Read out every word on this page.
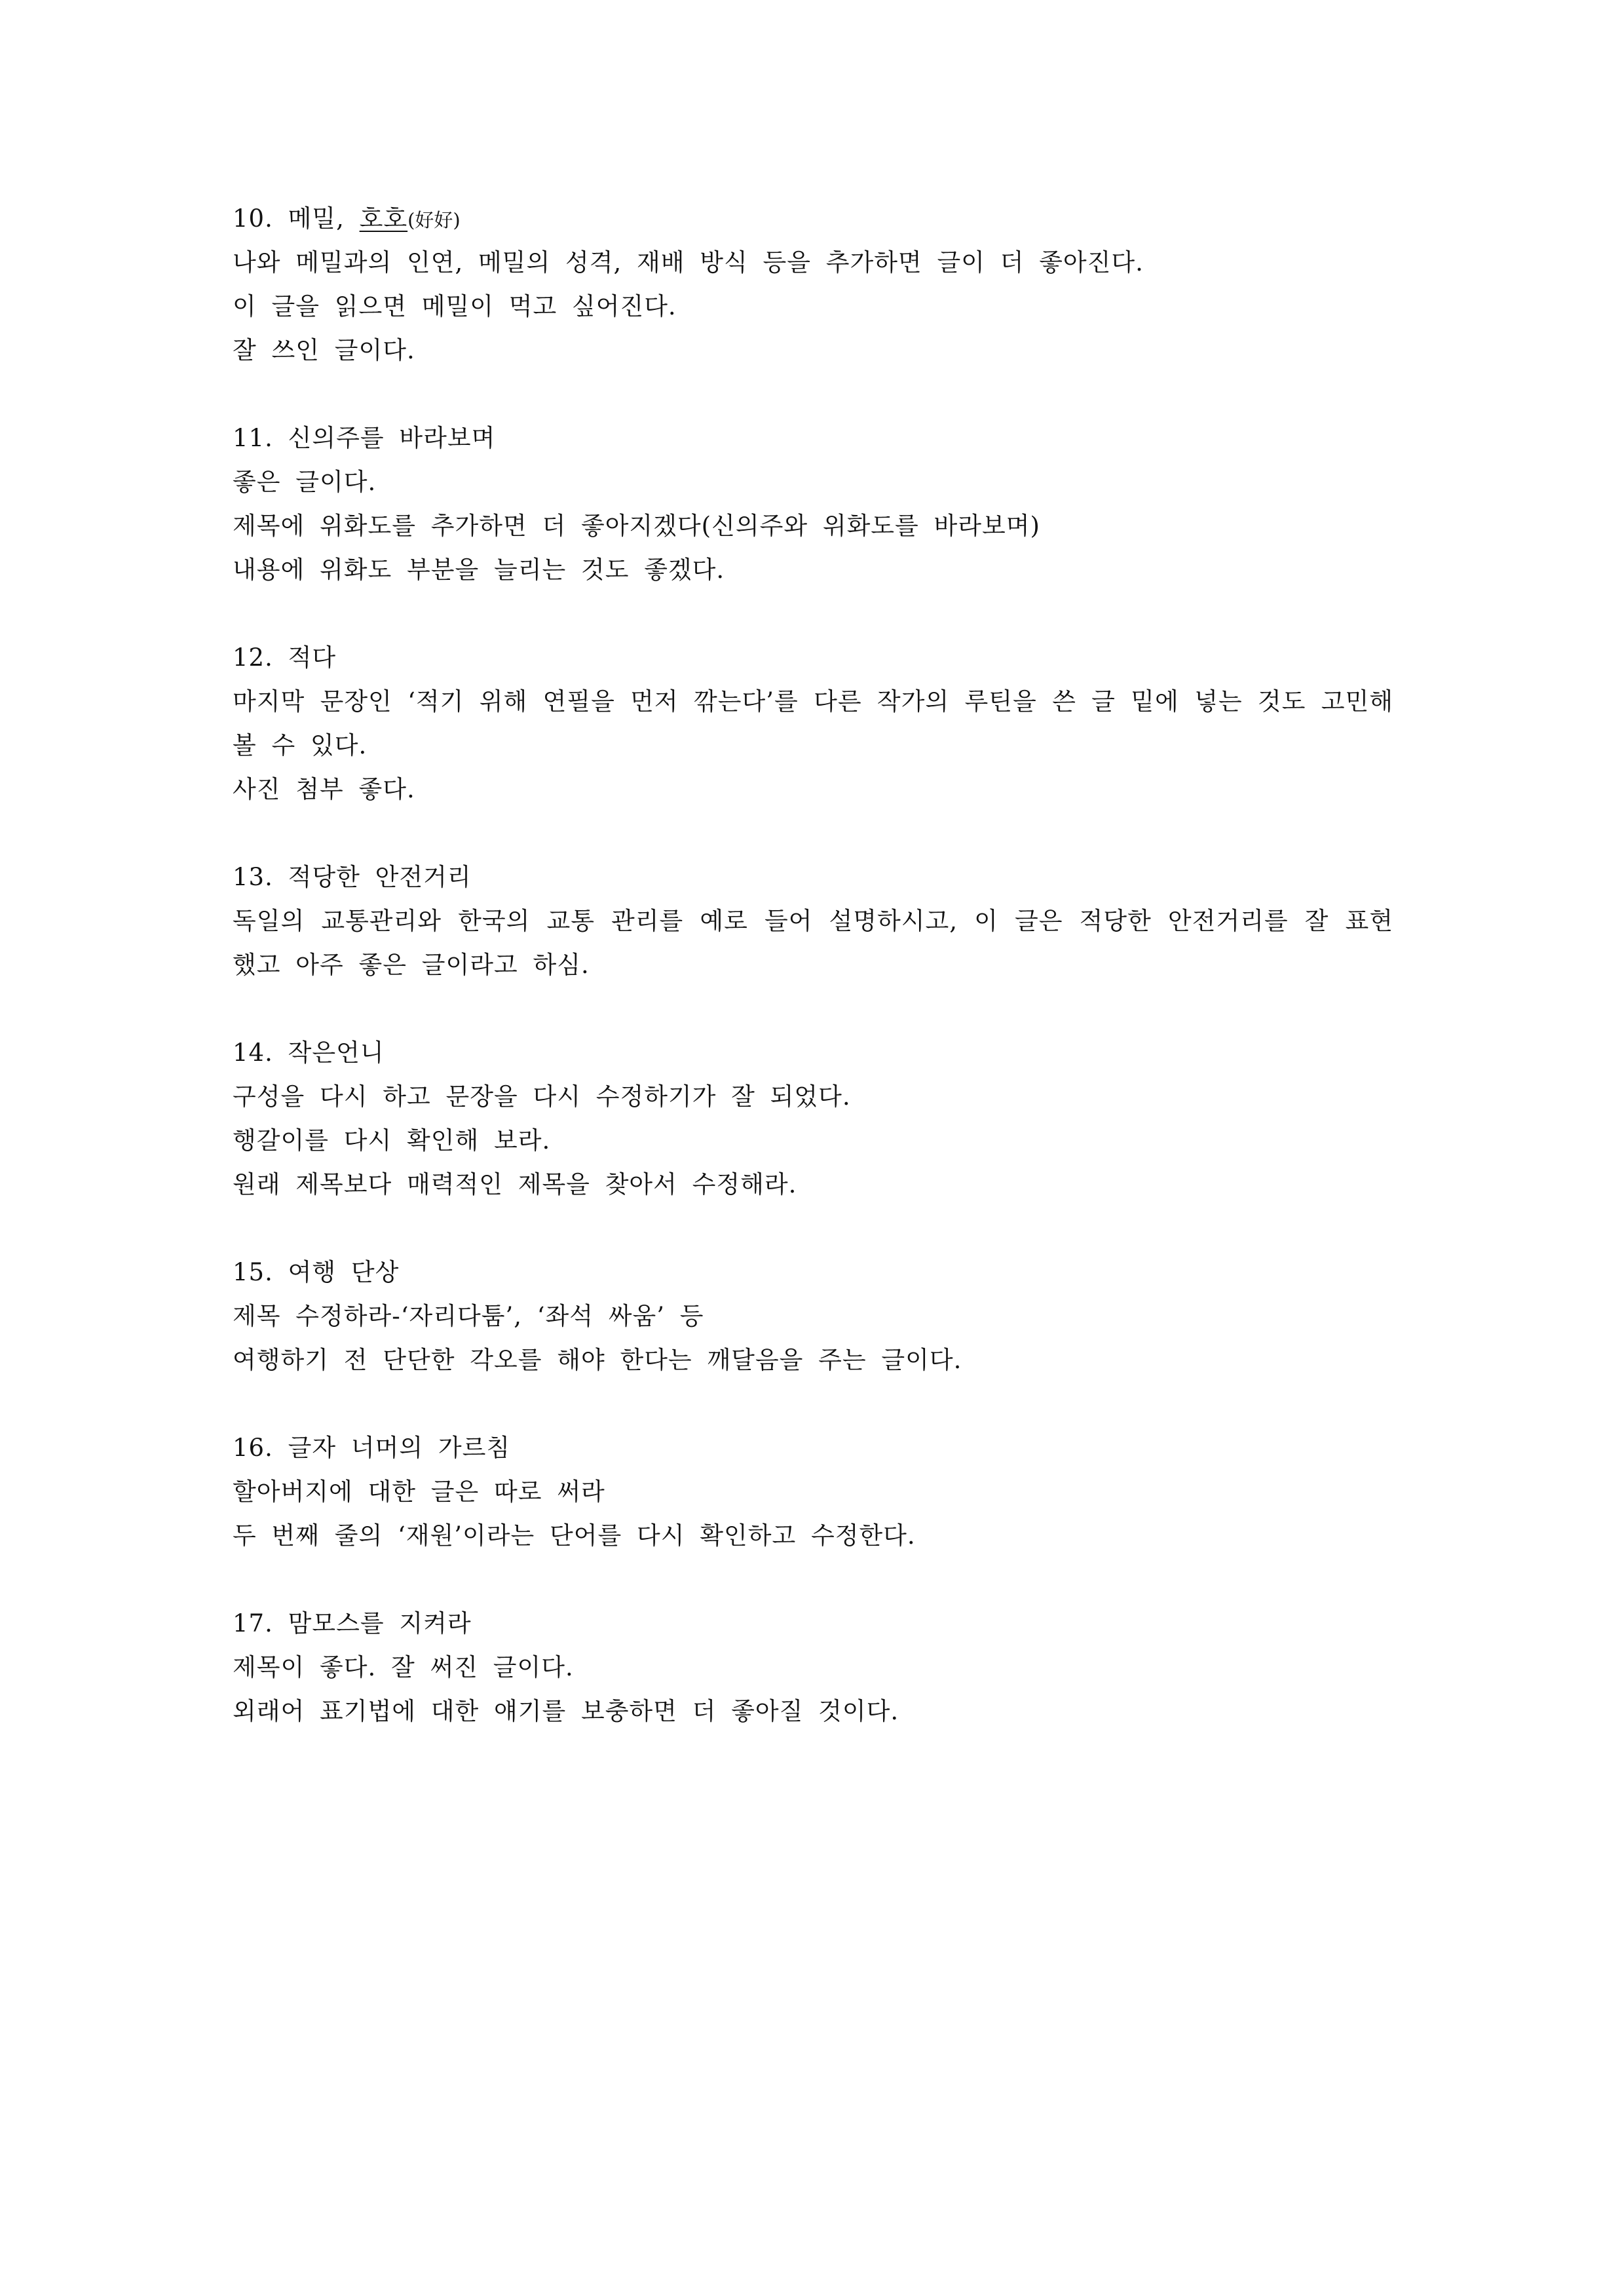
10. 메밀, 호호(好好)
나와 메밀과의 인연, 메밀의 성격, 재배 방식 등을 추가하면 글이 더 좋아진다.
이 글을 읽으면 메밀이 먹고 싶어진다.
잘 쓰인 글이다.
11. 신의주를 바라보며
좋은 글이다.
제목에 위화도를 추가하면 더 좋아지겠다(신의주와 위화도를 바라보며)
내용에 위화도 부분을 늘리는 것도 좋겠다.
12. 적다
마지막 문장인 ‘적기 위해 연필을 먼저 깎는다’를 다른 작가의 루틴을 쓴 글 밑에 넣는 것도 고민해 볼 수 있다.
사진 첨부 좋다.
13. 적당한 안전거리
독일의 교통관리와 한국의 교통 관리를 예로 들어 설명하시고, 이 글은 적당한 안전거리를 잘 표현했고 아주 좋은 글이라고 하심.
14. 작은언니
구성을 다시 하고 문장을 다시 수정하기가 잘 되었다.
행갈이를 다시 확인해 보라.
원래 제목보다 매력적인 제목을 찾아서 수정해라.
15. 여행 단상
제목 수정하라-‘자리다툼’, ‘좌석 싸움’ 등
여행하기 전 단단한 각오를 해야 한다는 깨달음을 주는 글이다.
16. 글자 너머의 가르침
할아버지에 대한 글은 따로 써라
두 번째 줄의 ‘재원’이라는 단어를 다시 확인하고 수정한다.
17. 맘모스를 지켜라
제목이 좋다. 잘 써진 글이다.
외래어 표기법에 대한 얘기를 보충하면 더 좋아질 것이다.
